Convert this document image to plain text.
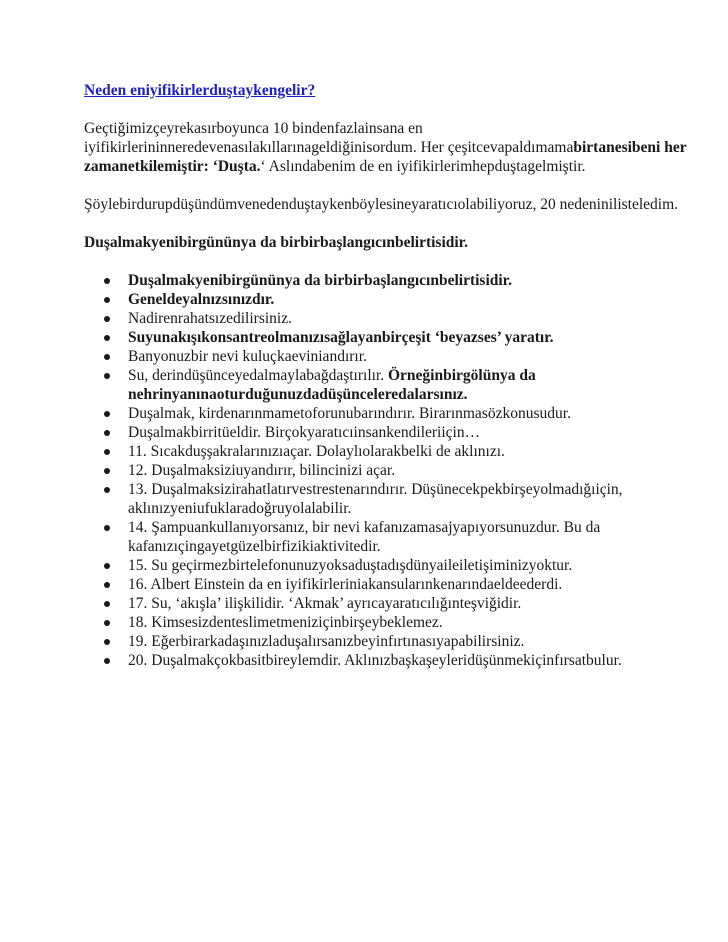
Neden eniyifikirlerduştaykengelir?

Geçtiğimizçeyrekasırboyunca 10 bindenfazlainsana en iyifikirlerininneredevenasılakıllarınageldiğinisordum. Her çeşitcevapaldımamabirtanesibeni her zamanetkilemiştir: ‘Duşta.‘ Aslındabenim de en iyifikirlerimhepduştagelmiştir.

Şöylebirdurupdüşündümvenedenduştaykenböylesineyaratıcıolabiliyoruz, 20 nedeninilisteledim.

Duşalmakyenibirgününya da birbirbaşlangıcınbelirtisidir.

Duşalmakyenibirgününya da birbirbaşlangıcınbelirtisidir.
Geneldeyalnızsınızdır.
Nadirenrahatsızedilirsiniz.
Suyunakışıkonsantreolmanızısağlayanbirçeşit ‘beyazses’ yaratır.
Banyonuzbir nevi kuluçkaeviniandırır.
Su, derindüşünceyedalmaylabağdaştırılır. Örneğinbirgölünya da nehrinyanınaoturduğunuzdadüşünceleredalarsınız.
Duşalmak, kirdenarınmametoforunubarındırır. Birarınmasözkonusudur.
Duşalmakbirritüeldir. Birçokyaratıcıinsankendileriiçin…
11. Sıcakduşşakralarınızıaçar. Dolaylıolarakbelki de aklınızı.
12. Duşalmaksiziuyandırır, bilincinizi açar.
13. Duşalmaksizirahatlatırvestrestenarındırır. Düşünecekpekbirşeyolmadığıiçin, aklınızyeniufuklaradoğruyolalabilir.
14. Şampuankullanıyorsanız, bir nevi kafanızamasajyapıyorsunuzdur. Bu da kafanızıçingayetgüzelbirfizikiaktivitedir.
15. Su geçirmezbirtelefonunuzyoksaduştadışdünyaileiletişiminizyoktur.
16. Albert Einstein da en iyifikirleriniakansularınkenarındaeldeederdi.
17. Su, ‘akışla’ ilişkilidir. ‘Akmak’ ayrıcayaratıcılığıntеşviğidir.
18. Kimsesizdenteslimetmeniziçinbirşeybeklemez.
19. Eğerbirarkadaşınızladuşalırsanızbeyinfırtınasıyapabilirsiniz.
20. Duşalmakçokbasitbireylemdir. Aklınızbaşkaşeyleridüşünmekiçinfırsatbulur.
